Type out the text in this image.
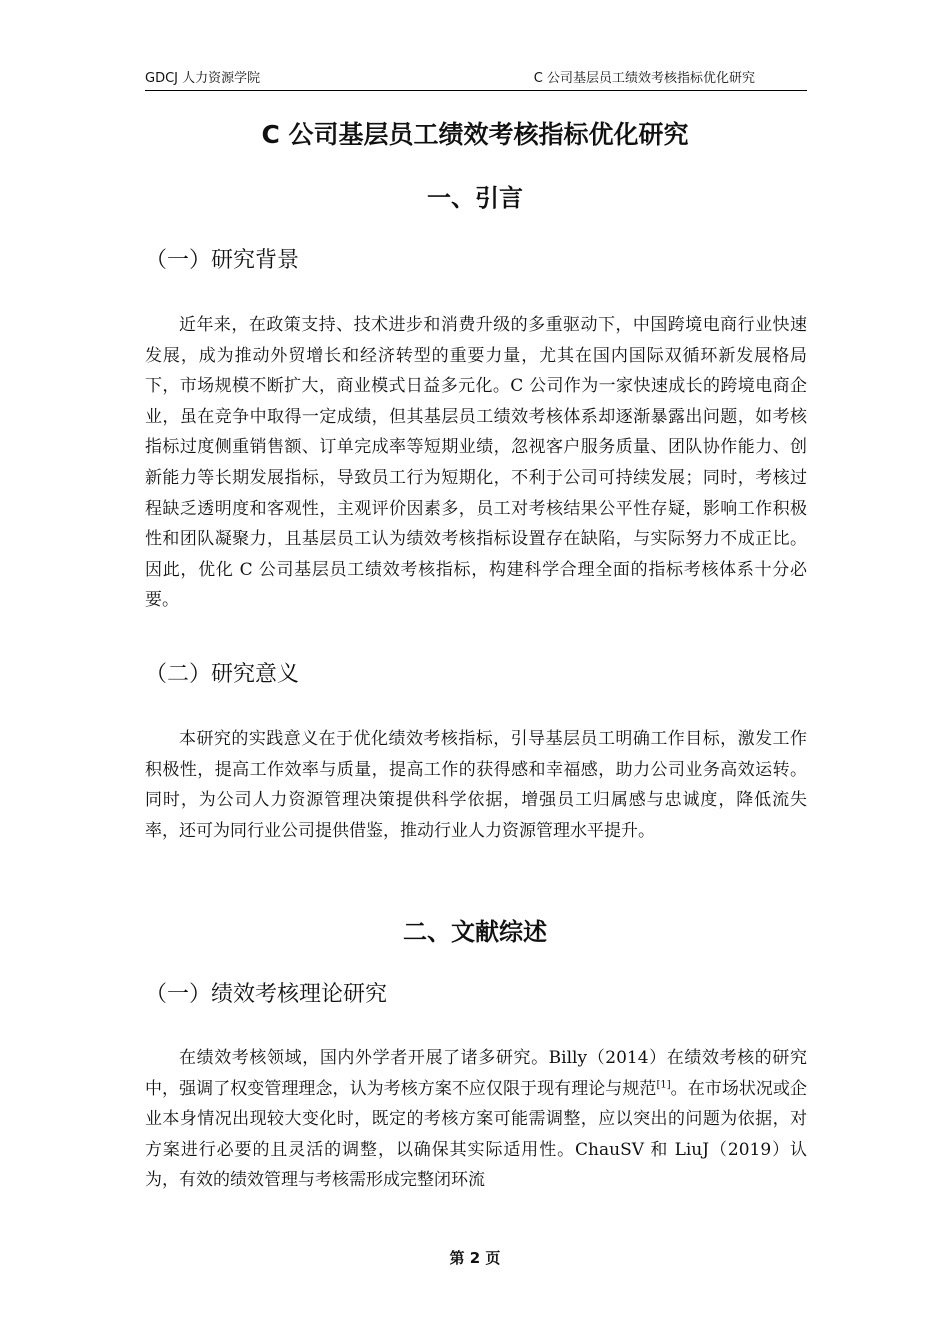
GDCJ 人力资源学院	C 公司基层员工绩效考核指标优化研究
C 公司基层员工绩效考核指标优化研究
一、引言
（一）研究背景

近年来，在政策支持、技术进步和消费升级的多重驱动下，中国跨境电商行业快速发展，成为推动外贸增长和经济转型的重要力量，尤其在国内国际双循环新发展格局下，市场规模不断扩大，商业模式日益多元化。C 公司作为一家快速成长的跨境电商企业，虽在竞争中取得一定成绩，但其基层员工绩效考核体系却逐渐暴露出问题，如考核指标过度侧重销售额、订单完成率等短期业绩，忽视客户服务质量、团队协作能力、创新能力等长期发展指标，导致员工行为短期化，不利于公司可持续发展；同时，考核过程缺乏透明度和客观性，主观评价因素多，员工对考核结果公平性存疑，影响工作积极性和团队凝聚力，且基层员工认为绩效考核指标设置存在缺陷，与实际努力不成正比。因此，优化 C 公司基层员工绩效考核指标，构建科学合理全面的指标考核体系十分必要。

（二）研究意义

本研究的实践意义在于优化绩效考核指标，引导基层员工明确工作目标，激发工作积极性，提高工作效率与质量，提高工作的获得感和幸福感，助力公司业务高效运转。同时，为公司人力资源管理决策提供科学依据，增强员工归属感与忠诚度，降低流失率，还可为同行业公司提供借鉴，推动行业人力资源管理水平提升。

二、文献综述
（一）绩效考核理论研究

在绩效考核领域，国内外学者开展了诸多研究。Billy（2014）在绩效考核的研究中，强调了权变管理理念，认为考核方案不应仅限于现有理论与规范[1]。在市场状况或企业本身情况出现较大变化时，既定的考核方案可能需调整，应以突出的问题为依据，对方案进行必要的且灵活的调整，以确保其实际适用性。ChauSV 和 LiuJ（2019）认为，有效的绩效管理与考核需形成完整闭环流

第 2 页
